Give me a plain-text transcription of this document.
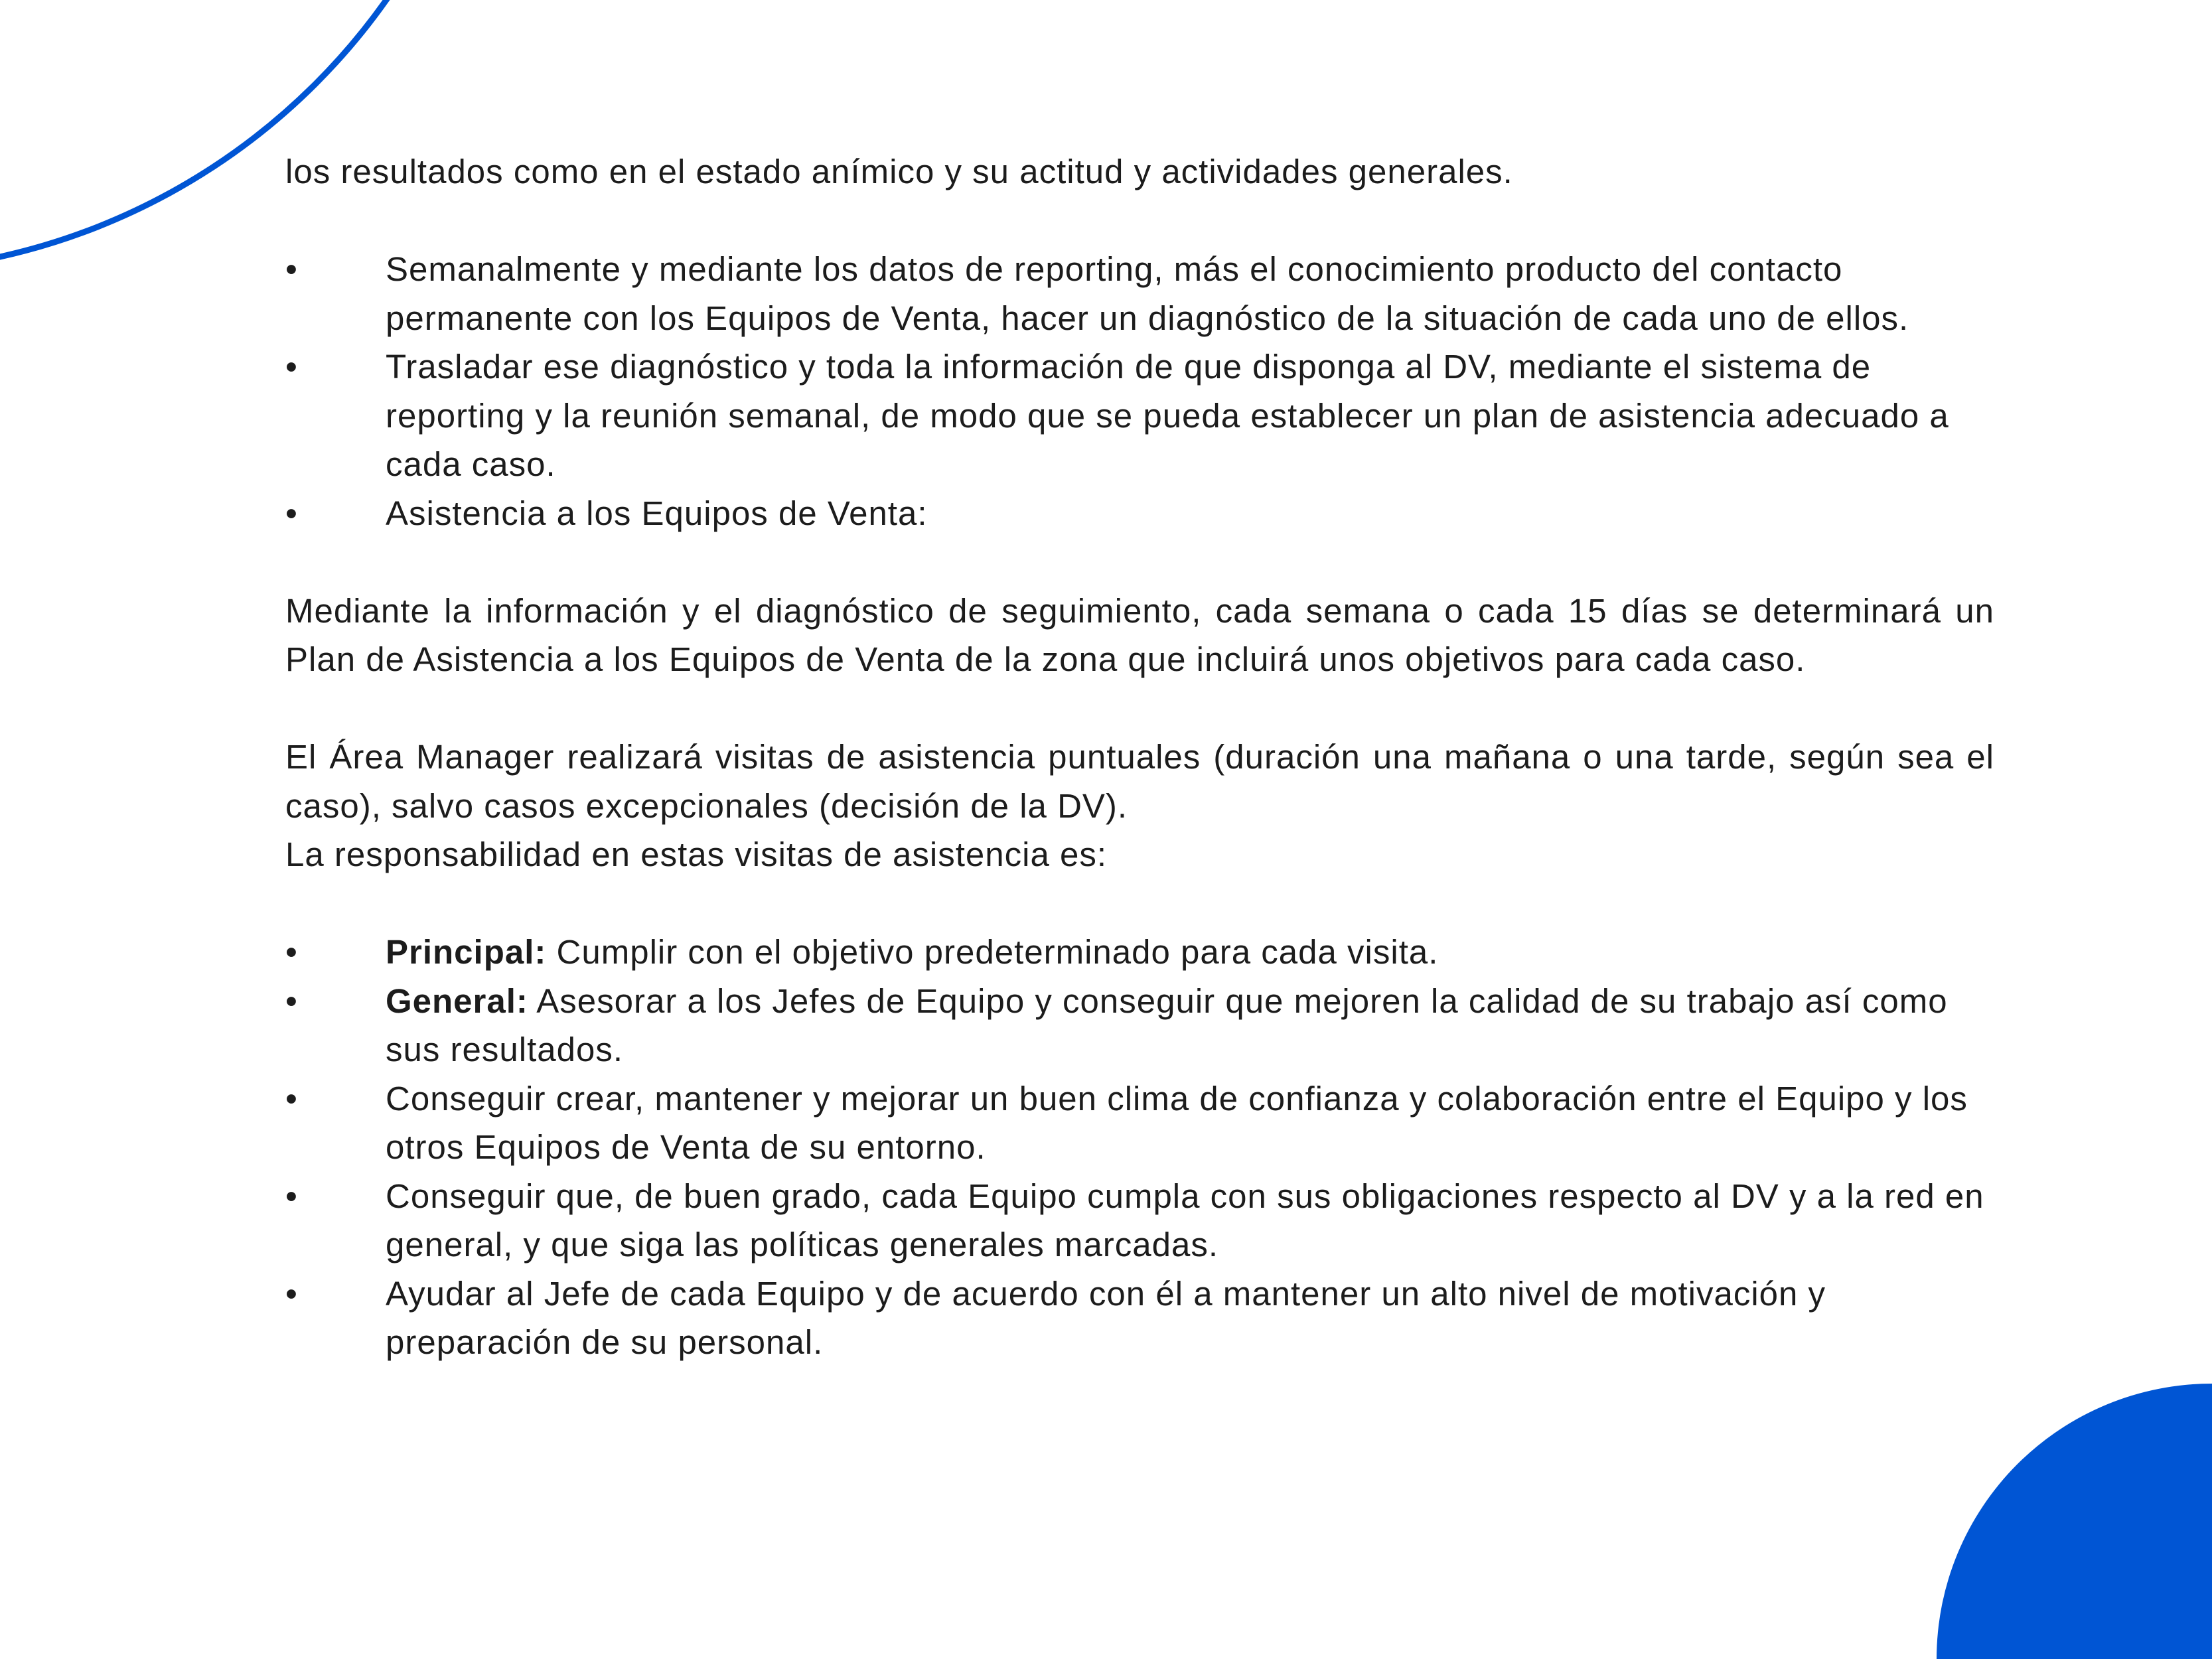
los resultados como en el estado anímico y su actitud y actividades generales.

•	Semanalmente y mediante los datos de reporting, más el conocimiento producto del contacto permanente con los Equipos de Venta, hacer un diagnóstico de la situación de cada uno de ellos.
•	Trasladar ese diagnóstico y toda la información de que disponga al DV, mediante el sistema de reporting y la reunión semanal, de modo que se pueda establecer un plan de asistencia adecuado a cada caso.
•	Asistencia a los Equipos de Venta:

Mediante la información y el diagnóstico de seguimiento, cada semana o cada 15 días se determinará un Plan de Asistencia a los Equipos de Venta de la zona que incluirá unos objetivos para cada caso.

El Área Manager realizará visitas de asistencia puntuales (duración una mañana o una tarde, según sea el caso), salvo casos excepcionales (decisión de la DV).

La responsabilidad en estas visitas de asistencia es:

•	Principal: Cumplir con el objetivo predeterminado para cada visita.
•	General: Asesorar a los Jefes de Equipo y conseguir que mejoren la calidad de su trabajo así como sus resultados.
•	Conseguir crear, mantener y mejorar un buen clima de confianza y colaboración entre el Equipo y los otros Equipos de Venta de su entorno.
•	Conseguir que, de buen grado, cada Equipo cumpla con sus obligaciones respecto al DV y a la red en general, y que siga las políticas generales marcadas.
•	Ayudar al Jefe de cada Equipo y de acuerdo con él a mantener un alto nivel de motivación y preparación de su personal.
